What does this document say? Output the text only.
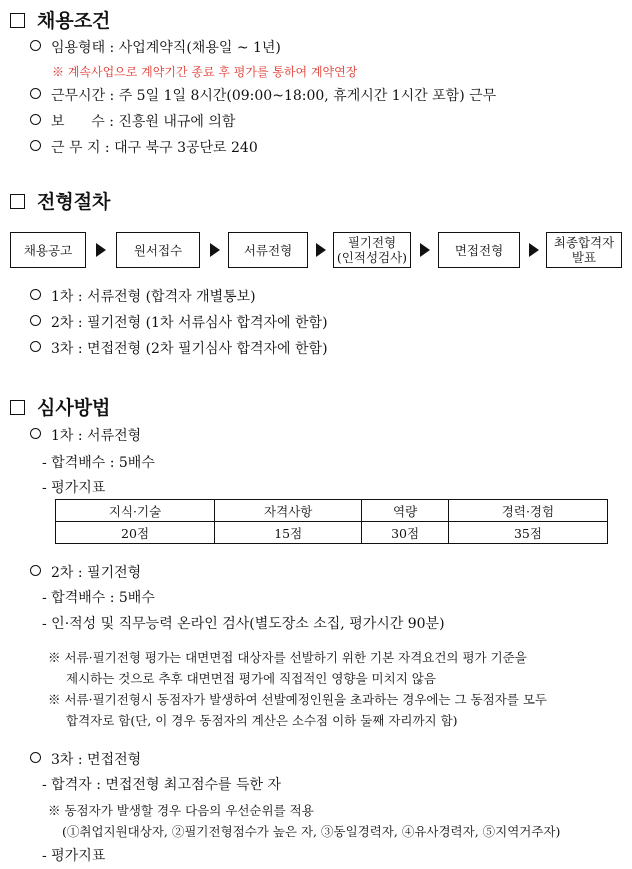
채용조건
임용형태 : 사업계약직(채용일 ~ 1년)
※ 계속사업으로 계약기간 종료 후 평가를 통하여 계약연장
근무시간 : 주 5일 1일 8시간(09:00~18:00, 휴게시간 1시간 포함) 근무
보      수 : 진흥원 내규에 의함
근 무 지 : 대구 북구 3공단로 240
전형절차
채용공고	원서접수	서류전형	필기전형
(인적성검사)	면접전형	최종합격자
발표
1차 : 서류전형 (합격자 개별통보)
2차 : 필기전형 (1차 서류심사 합격자에 한함)
3차 : 면접전형 (2차 필기심사 합격자에 한함)
심사방법
1차 : 서류전형
- 합격배수 : 5배수
- 평가지표
지식·기술	자격사항	역량	경력·경험
20점	15점	30점	35점
2차 : 필기전형
- 합격배수 : 5배수
- 인·적성 및 직무능력 온라인 검사(별도장소 소집, 평가시간 90분)
※ 서류·필기전형 평가는 대면면접 대상자를 선발하기 위한 기본 자격요건의 평가 기준을
제시하는 것으로 추후 대면면접 평가에 직접적인 영향을 미치지 않음
※ 서류·필기전형시 동점자가 발생하여 선발예정인원을 초과하는 경우에는 그 동점자를 모두
합격자로 함(단, 이 경우 동점자의 계산은 소수점 이하 둘째 자리까지 함)
3차 : 면접전형
- 합격자 : 면접전형 최고점수를 득한 자
※ 동점자가 발생할 경우 다음의 우선순위를 적용
(①취업지원대상자, ②필기전형점수가 높은 자, ③동일경력자, ④유사경력자, ⑤지역거주자)
- 평가지표
